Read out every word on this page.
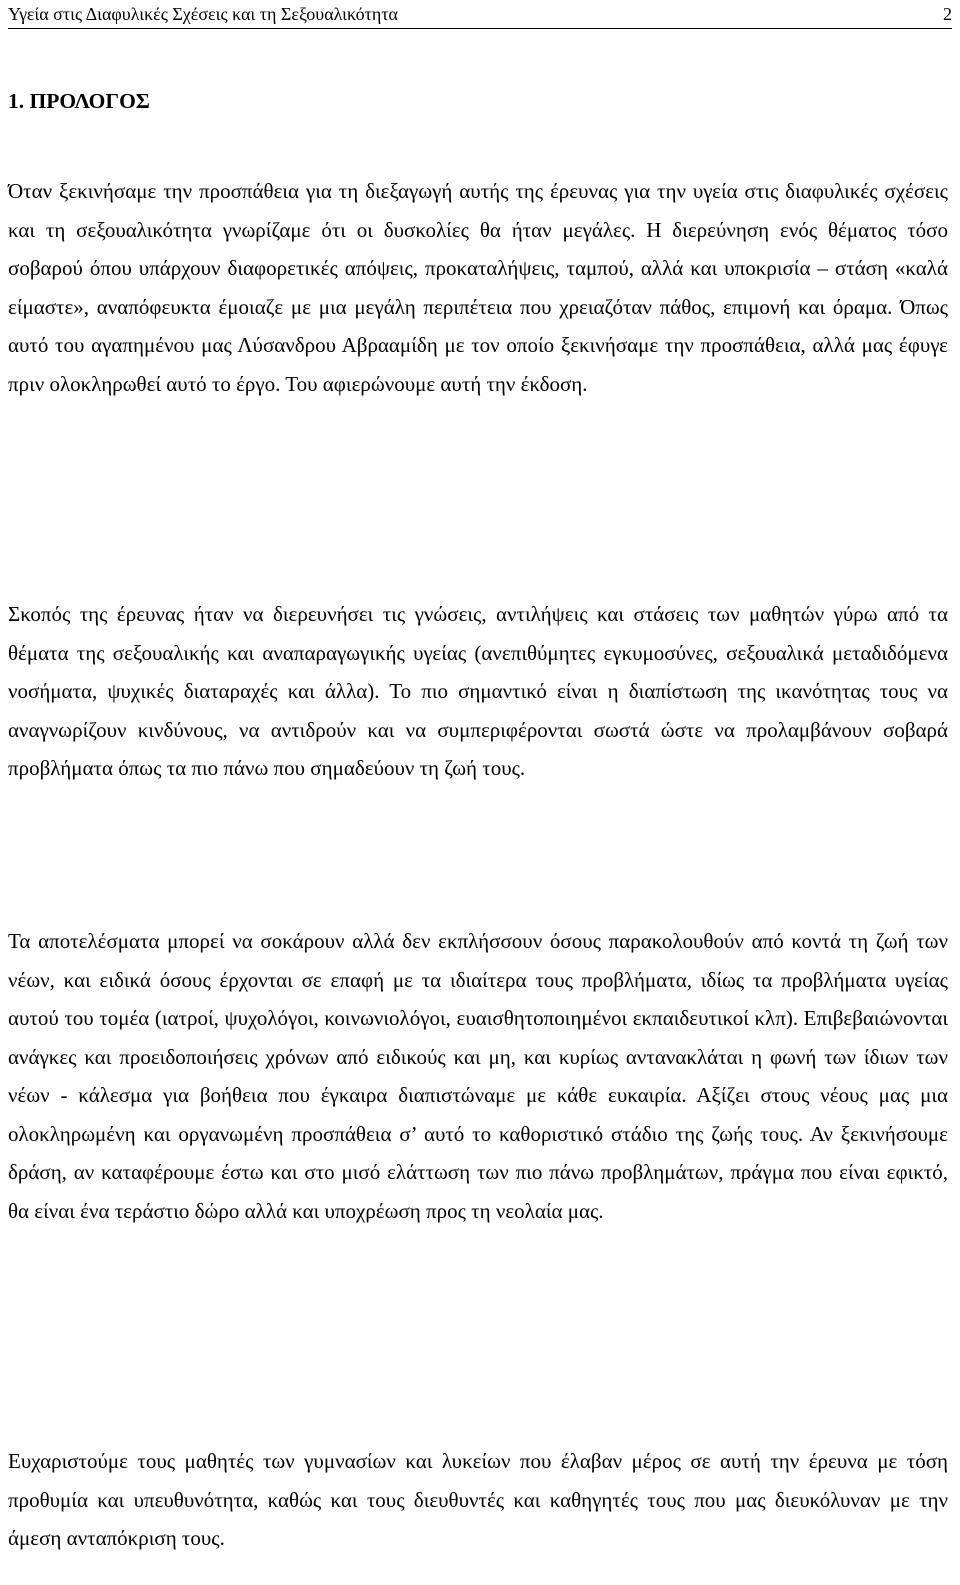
Υγεία στις Διαφυλικές Σχέσεις και τη Σεξουαλικότητα	2
1. ΠΡΟΛΟΓΟΣ

Όταν ξεκινήσαμε την προσπάθεια για τη διεξαγωγή αυτής της έρευνας για την υγεία στις διαφυλικές σχέσεις και τη σεξουαλικότητα γνωρίζαμε ότι οι δυσκολίες θα ήταν μεγάλες. Η διερεύνηση ενός θέματος τόσο σοβαρού όπου υπάρχουν διαφορετικές απόψεις, προκαταλήψεις, ταμπού, αλλά και υποκρισία – στάση «καλά είμαστε», αναπόφευκτα έμοιαζε με μια μεγάλη περιπέτεια που χρειαζόταν πάθος, επιμονή και όραμα. Όπως αυτό του αγαπημένου μας Λύσανδρου Αβρααμίδη με τον οποίο ξεκινήσαμε την προσπάθεια, αλλά μας έφυγε πριν ολοκληρωθεί αυτό το έργο. Του αφιερώνουμε αυτή την έκδοση.

Σκοπός της έρευνας ήταν να διερευνήσει τις γνώσεις, αντιλήψεις και στάσεις των μαθητών γύρω από τα θέματα της σεξουαλικής και αναπαραγωγικής υγείας (ανεπιθύμητες εγκυμοσύνες, σεξουαλικά μεταδιδόμενα νοσήματα, ψυχικές διαταραχές και άλλα). Το πιο σημαντικό είναι η διαπίστωση της ικανότητας τους να αναγνωρίζουν κινδύνους, να αντιδρούν και να συμπεριφέρονται σωστά ώστε να προλαμβάνουν σοβαρά προβλήματα όπως τα πιο πάνω που σημαδεύουν τη ζωή τους.

Τα αποτελέσματα μπορεί να σοκάρουν αλλά δεν εκπλήσσουν όσους παρακολουθούν από κοντά τη ζωή των νέων, και ειδικά όσους έρχονται σε επαφή με τα ιδιαίτερα τους προβλήματα, ιδίως τα προβλήματα υγείας αυτού του τομέα (ιατροί, ψυχολόγοι, κοινωνιολόγοι, ευαισθητοποιημένοι εκπαιδευτικοί κλπ). Επιβεβαιώνονται ανάγκες και προειδοποιήσεις χρόνων από ειδικούς και μη, και κυρίως αντανακλάται η φωνή των ίδιων των νέων - κάλεσμα για βοήθεια που έγκαιρα διαπιστώναμε με κάθε ευκαιρία. Αξίζει στους νέους μας μια ολοκληρωμένη και οργανωμένη προσπάθεια σ’ αυτό το καθοριστικό στάδιο της ζωής τους. Αν ξεκινήσουμε δράση, αν καταφέρουμε έστω και στο μισό ελάττωση των πιο πάνω προβλημάτων, πράγμα που είναι εφικτό, θα είναι ένα τεράστιο δώρο αλλά και υποχρέωση προς τη νεολαία μας.

Ευχαριστούμε τους μαθητές των γυμνασίων και λυκείων που έλαβαν μέρος σε αυτή την έρευνα με τόση προθυμία και υπευθυνότητα, καθώς και τους διευθυντές και καθηγητές τους που μας διευκόλυναν με την άμεση ανταπόκριση τους.
